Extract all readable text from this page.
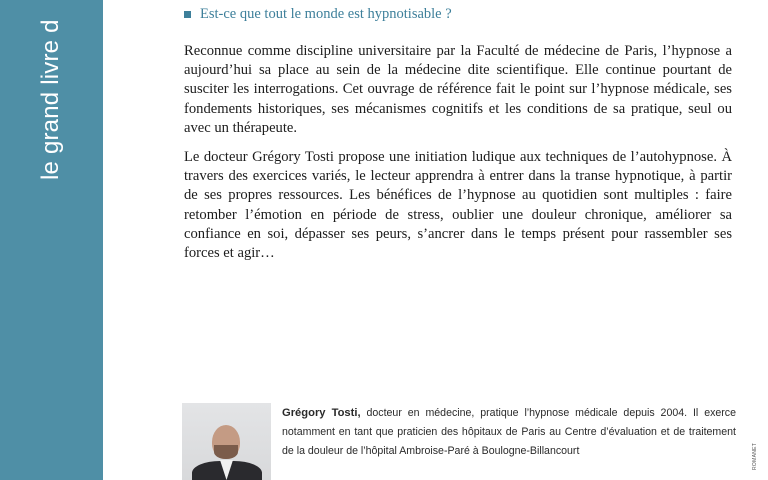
le grand livre d
Est-ce que tout le monde est hypnotisable ?

Reconnue comme discipline universitaire par la Faculté de médecine de Paris, l’hypnose a aujourd’hui sa place au sein de la médecine dite scientifique. Elle continue pourtant de susciter les interrogations. Cet ouvrage de référence fait le point sur l’hypnose médicale, ses fondements historiques, ses mécanismes cognitifs et les conditions de sa pratique, seul ou avec un thérapeute.

Le docteur Grégory Tosti propose une initiation ludique aux techniques de l’autohypnose. À travers des exercices variés, le lecteur apprendra à entrer dans la transe hypnotique, à partir de ses propres ressources. Les bénéfices de l’hypnose au quotidien sont multiples : faire retomber l’émotion en période de stress, oublier une douleur chronique, améliorer sa confiance en soi, dépasser ses peurs, s’ancrer dans le temps présent pour rassembler ses forces et agir…

Grégory Tosti, docteur en médecine, pratique l’hypnose médicale depuis 2004. Il exerce notamment en tant que praticien des hôpitaux de Paris au Centre d’évaluation et de traitement de la douleur de l’hôpital Ambroise-Paré à Boulogne-Billancourt	ROMANET
